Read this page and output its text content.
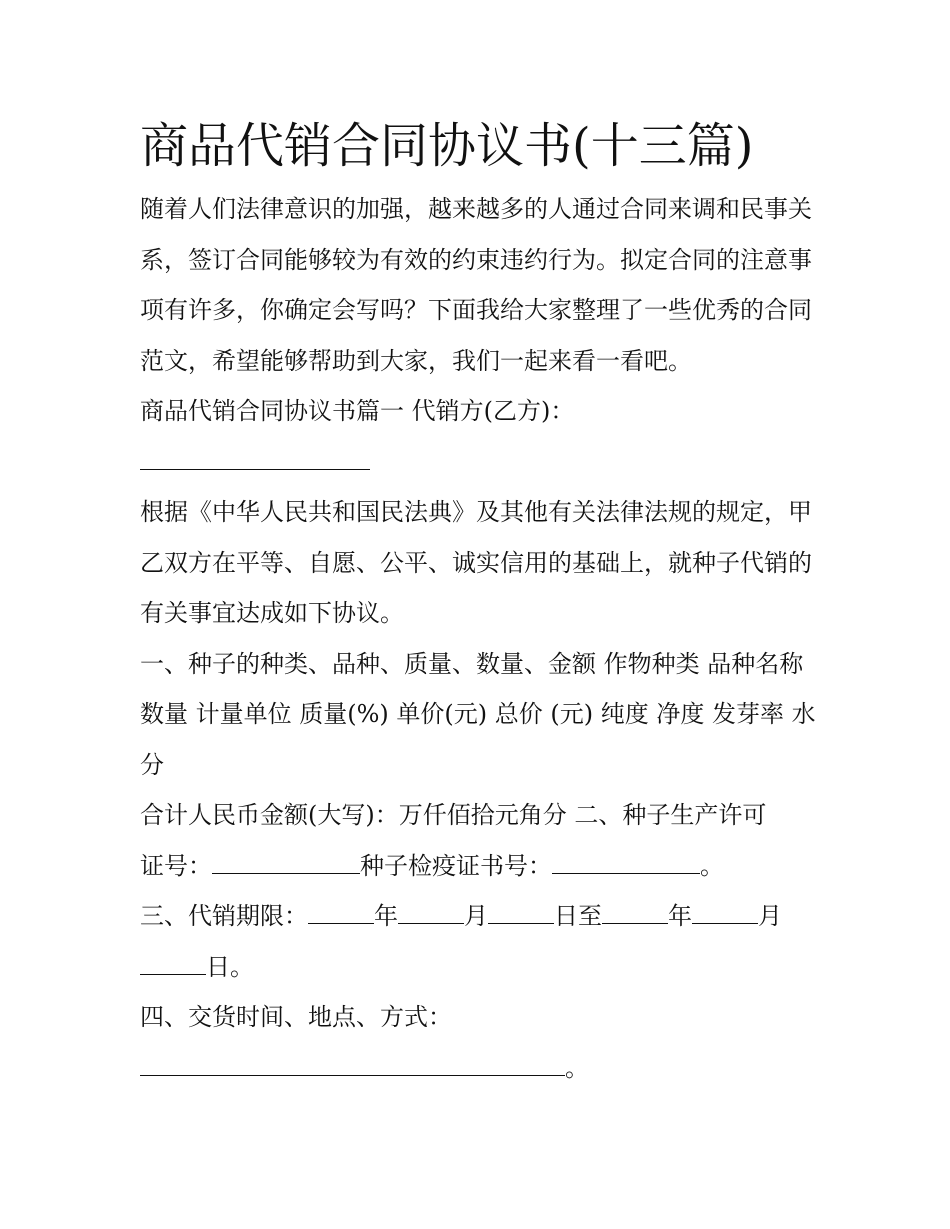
商品代销合同协议书(十三篇)

随着人们法律意识的加强，越来越多的人通过合同来调和民事关系，签订合同能够较为有效的约束违约行为。拟定合同的注意事项有许多，你确定会写吗？下面我给大家整理了一些优秀的合同范文，希望能够帮助到大家，我们一起来看一看吧。

商品代销合同协议书篇一 代销方(乙方)：

根据《中华人民共和国民法典》及其他有关法律法规的规定，甲乙双方在平等、自愿、公平、诚实信用的基础上，就种子代销的有关事宜达成如下协议。

一、种子的种类、品种、质量、数量、金额 作物种类 品种名称 数量 计量单位 质量(%) 单价(元) 总价 (元) 纯度 净度 发芽率 水分

合计人民币金额(大写)：万仟佰拾元角分 二、种子生产许可

证号：	种子检疫证书号：	。

三、代销期限：	年	月	日至	年	月

日。

四、交货时间、地点、方式：

。
